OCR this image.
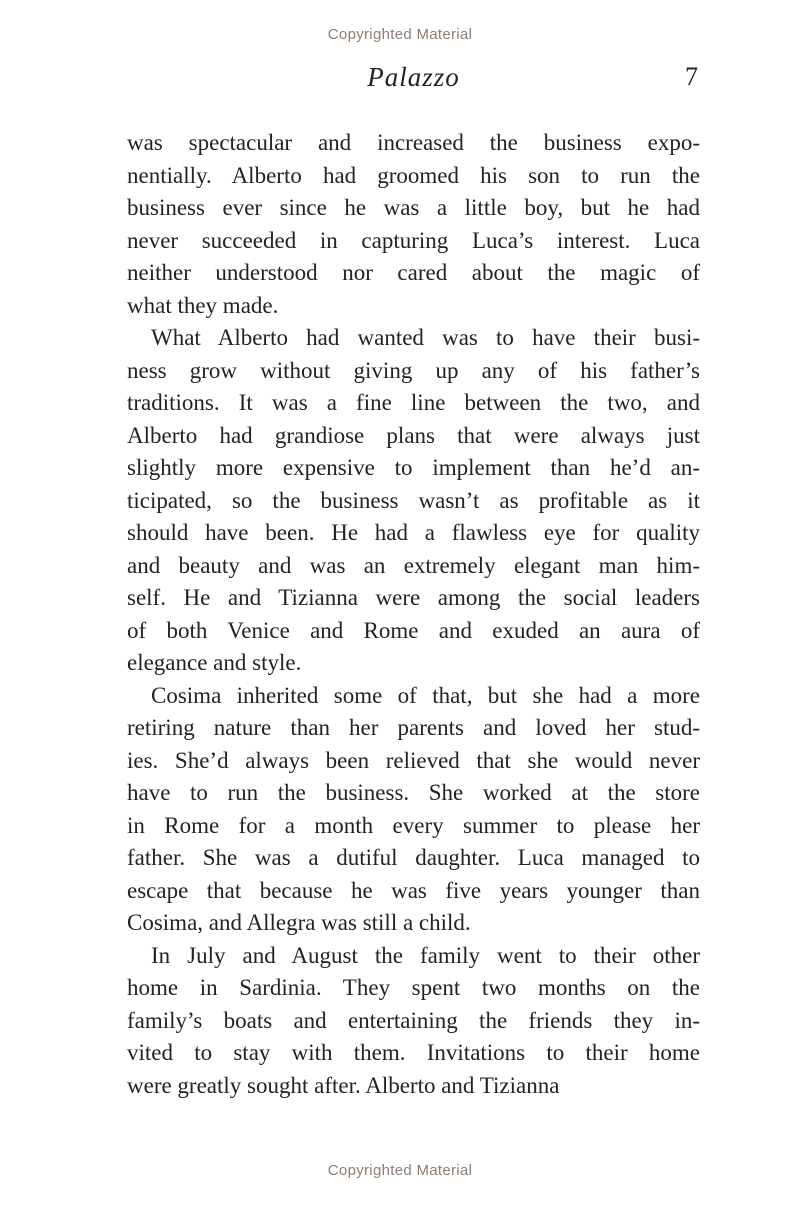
Copyrighted Material
Palazzo	7

was spectacular and increased the business expo-
nentially. Alberto had groomed his son to run the
business ever since he was a little boy, but he had
never succeeded in capturing Luca’s interest. Luca
neither understood nor cared about the magic of
what they made.

What Alberto had wanted was to have their busi-
ness grow without giving up any of his father’s
traditions. It was a fine line between the two, and
Alberto had grandiose plans that were always just
slightly more expensive to implement than he’d an-
ticipated, so the business wasn’t as profitable as it
should have been. He had a flawless eye for quality
and beauty and was an extremely elegant man him-
self. He and Tizianna were among the social leaders
of both Venice and Rome and exuded an aura of
elegance and style.

Cosima inherited some of that, but she had a more
retiring nature than her parents and loved her stud-
ies. She’d always been relieved that she would never
have to run the business. She worked at the store
in Rome for a month every summer to please her
father. She was a dutiful daughter. Luca managed to
escape that because he was five years younger than
Cosima, and Allegra was still a child.

In July and August the family went to their other
home in Sardinia. They spent two months on the
family’s boats and entertaining the friends they in-
vited to stay with them. Invitations to their home
were greatly sought after. Alberto and Tizianna

Copyrighted Material
